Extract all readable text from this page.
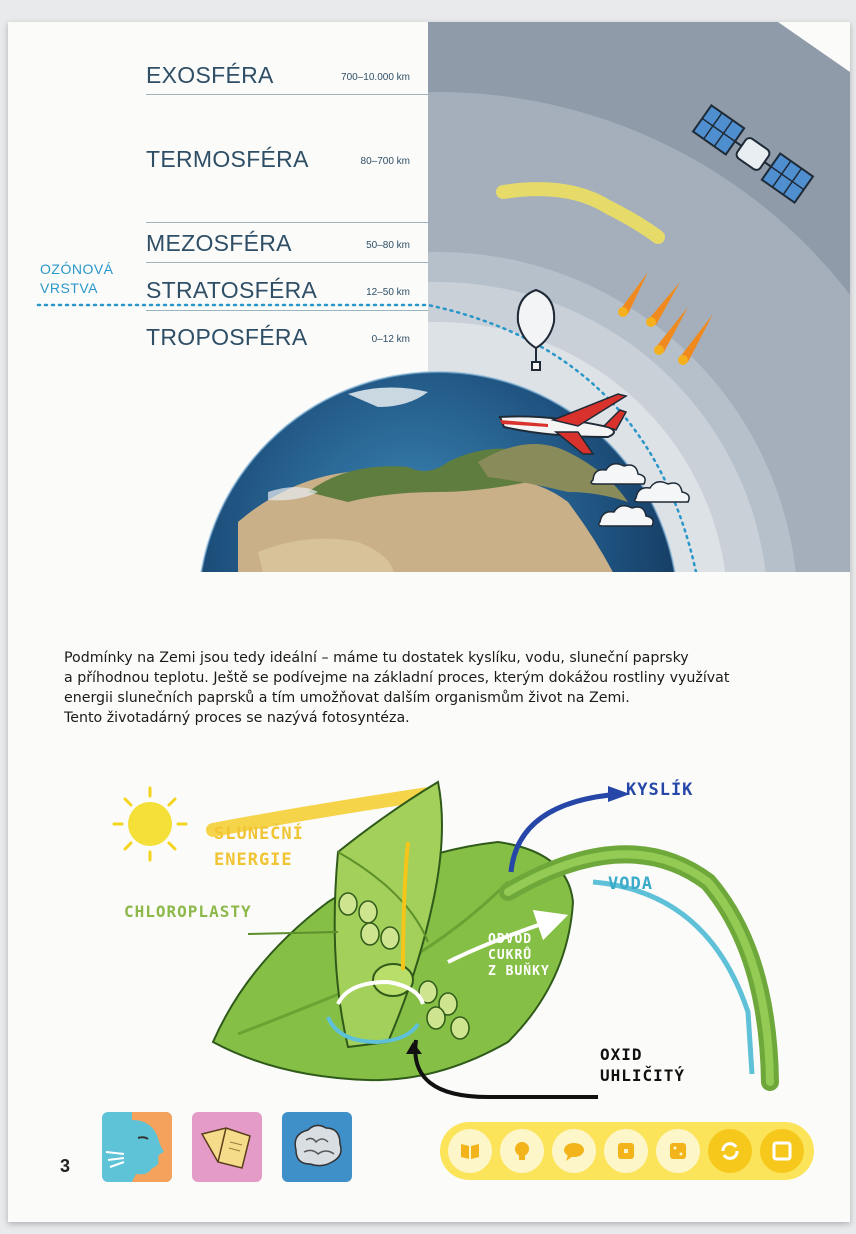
EXOSFÉRA	700–10.000 km
TERMOSFÉRA	80–700 km
MEZOSFÉRA	50–80 km
STRATOSFÉRA	12–50 km
TROPOSFÉRA	0–12 km
OZÓNOVÁ
VRSTVA
Podmínky na Zemi jsou tedy ideální – máme tu dostatek kyslíku, vodu, sluneční paprsky
a příhodnou teplotu. Ještě se podívejme na základní proces, kterým dokážou rostliny využívat
energii slunečních paprsků a tím umožňovat dalším organismům život na Zemi.
Tento životadárný proces se nazývá fotosyntéza.
SLUNEČNÍ
ENERGIE
KYSLÍK
VODA
CHLOROPLASTY
ODVOD
CUKRŮ
Z BUŇKY
OXID
UHLIČITÝ
3
